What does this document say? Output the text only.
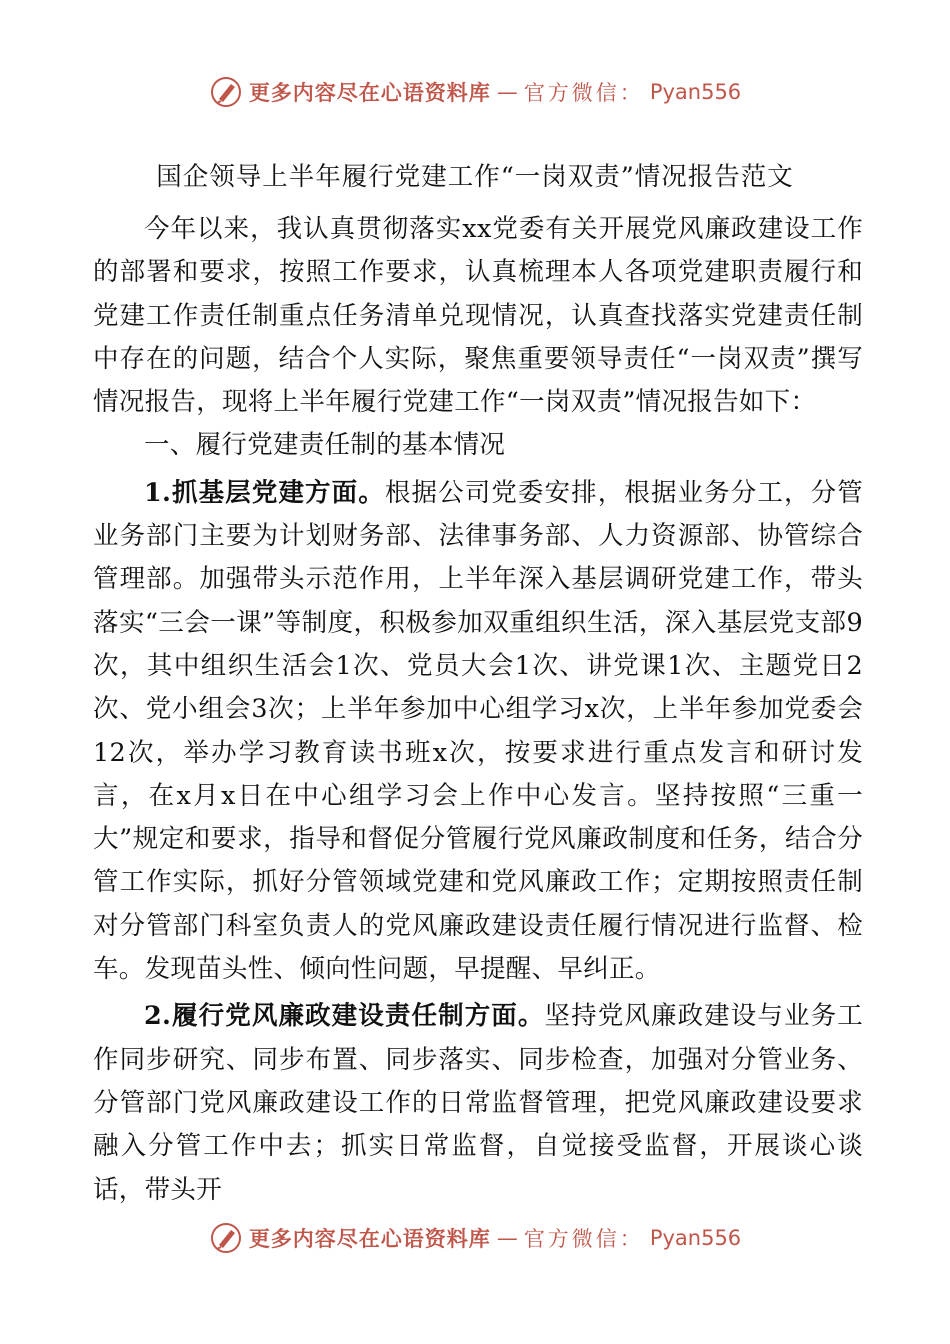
更多内容尽在心语资料库 — 官方微信： Pyan556
国企领导上半年履行党建工作“一岗双责”情况报告范文

今年以来，我认真贯彻落实xx党委有关开展党风廉政建设工作的部署和要求，按照工作要求，认真梳理本人各项党建职责履行和党建工作责任制重点任务清单兑现情况，认真查找落实党建责任制中存在的问题，结合个人实际，聚焦重要领导责任“一岗双责”撰写情况报告，现将上半年履行党建工作“一岗双责”情况报告如下：

一、履行党建责任制的基本情况

1.抓基层党建方面。根据公司党委安排，根据业务分工，分管业务部门主要为计划财务部、法律事务部、人力资源部、协管综合管理部。加强带头示范作用，上半年深入基层调研党建工作，带头落实“三会一课”等制度，积极参加双重组织生活，深入基层党支部9次，其中组织生活会1次、党员大会1次、讲党课1次、主题党日2次、党小组会3次；上半年参加中心组学习x次，上半年参加党委会12次，举办学习教育读书班x次，按要求进行重点发言和研讨发言，在x月x日在中心组学习会上作中心发言。坚持按照“三重一大”规定和要求，指导和督促分管履行党风廉政制度和任务，结合分管工作实际，抓好分管领域党建和党风廉政工作；定期按照责任制对分管部门科室负责人的党风廉政建设责任履行情况进行监督、检车。发现苗头性、倾向性问题，早提醒、早纠正。

2.履行党风廉政建设责任制方面。坚持党风廉政建设与业务工作同步研究、同步布置、同步落实、同步检查，加强对分管业务、分管部门党风廉政建设工作的日常监督管理，把党风廉政建设要求融入分管工作中去；抓实日常监督，自觉接受监督，开展谈心谈话，带头开

更多内容尽在心语资料库 — 官方微信： Pyan556
